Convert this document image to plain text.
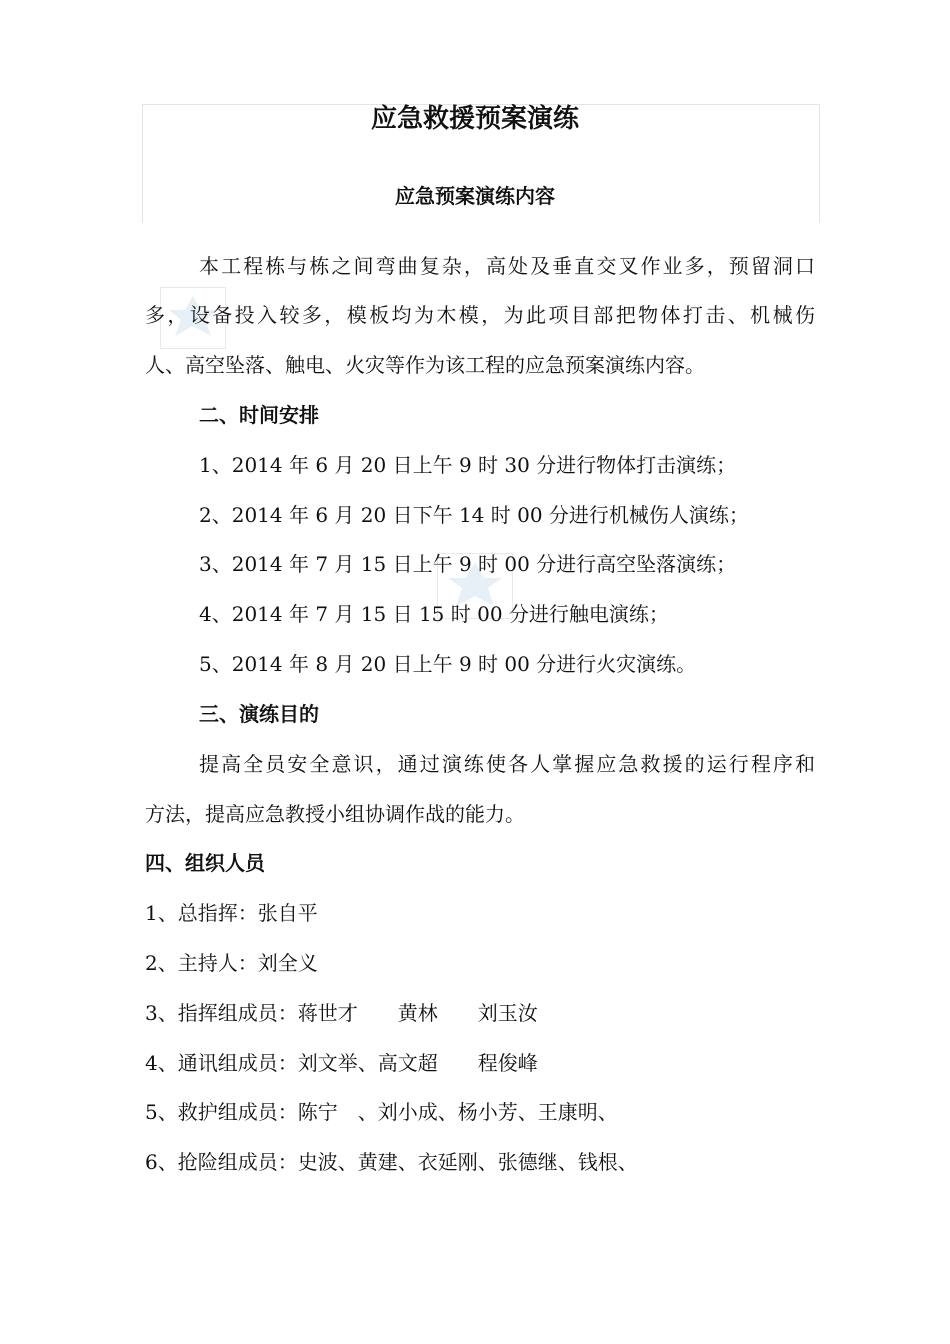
应急救援预案演练
应急预案演练内容
本工程栋与栋之间弯曲复杂，高处及垂直交叉作业多，预留洞口
多，设备投入较多，模板均为木模，为此项目部把物体打击、机械伤
人、高空坠落、触电、火灾等作为该工程的应急预案演练内容。
二、时间安排
1、2014 年 6 月 20 日上午 9 时 30 分进行物体打击演练；
2、2014 年 6 月 20 日下午 14 时 00 分进行机械伤人演练；
3、2014 年 7 月 15 日上午 9 时 00 分进行高空坠落演练；
4、2014 年 7 月 15 日 15 时 00 分进行触电演练；
5、2014 年 8 月 20 日上午 9 时 00 分进行火灾演练。
三、演练目的
提高全员安全意识，通过演练使各人掌握应急救援的运行程序和
方法，提高应急教授小组协调作战的能力。
四、组织人员
1、总指挥：张自平
2、主持人：刘全义
3、指挥组成员：蒋世才　　黄林　　刘玉汝
4、通讯组成员：刘文举、高文超　　程俊峰
5、救护组成员：陈宁　、刘小成、杨小芳、王康明、
6、抢险组成员：史波、黄建、衣延刚、张德继、钱根、
